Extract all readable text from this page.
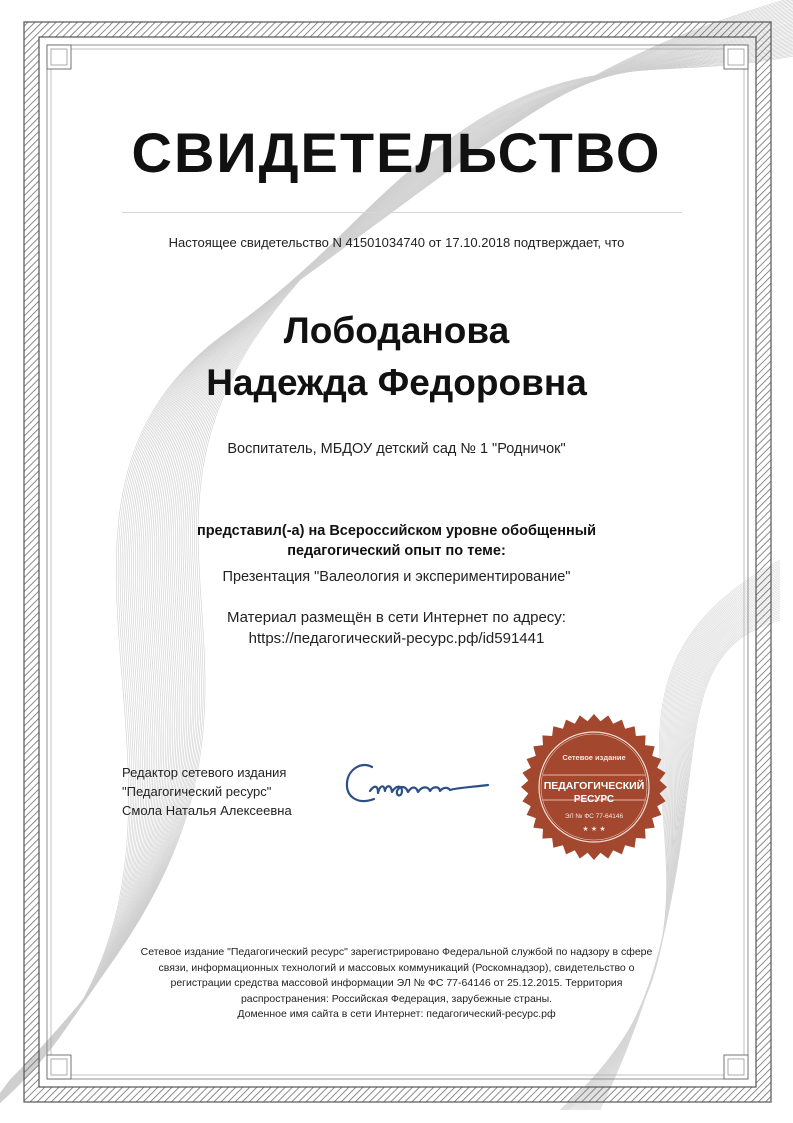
СВИДЕТЕЛЬСТВО
Настоящее свидетельство N 41501034740 от 17.10.2018 подтверждает, что
Лободанова
Надежда Федоровна
Воспитатель, МБДОУ детский сад № 1 "Родничок"
представил(-а) на Всероссийском уровне обобщенный
педагогический опыт по теме:
Презентация "Валеология и экспериментирование"
Материал размещён в сети Интернет по адресу:
https://педагогический-ресурс.рф/id591441
Редактор сетевого издания
"Педагогический ресурс"
Смола Наталья Алексеевна
Сетевое издание
ПЕДАГОГИЧЕСКИЙ
РЕСУРС
ЭЛ № ФС 77-64146
★ ★ ★
Сетевое издание "Педагогический ресурс" зарегистрировано Федеральной службой по надзору в сфере
связи, информационных технологий и массовых коммуникаций (Роскомнадзор), свидетельство о
регистрации средства массовой информации ЭЛ № ФС 77-64146 от 25.12.2015. Территория
распространения: Российская Федерация, зарубежные страны.
Доменное имя сайта в сети Интернет: педагогический-ресурс.рф
